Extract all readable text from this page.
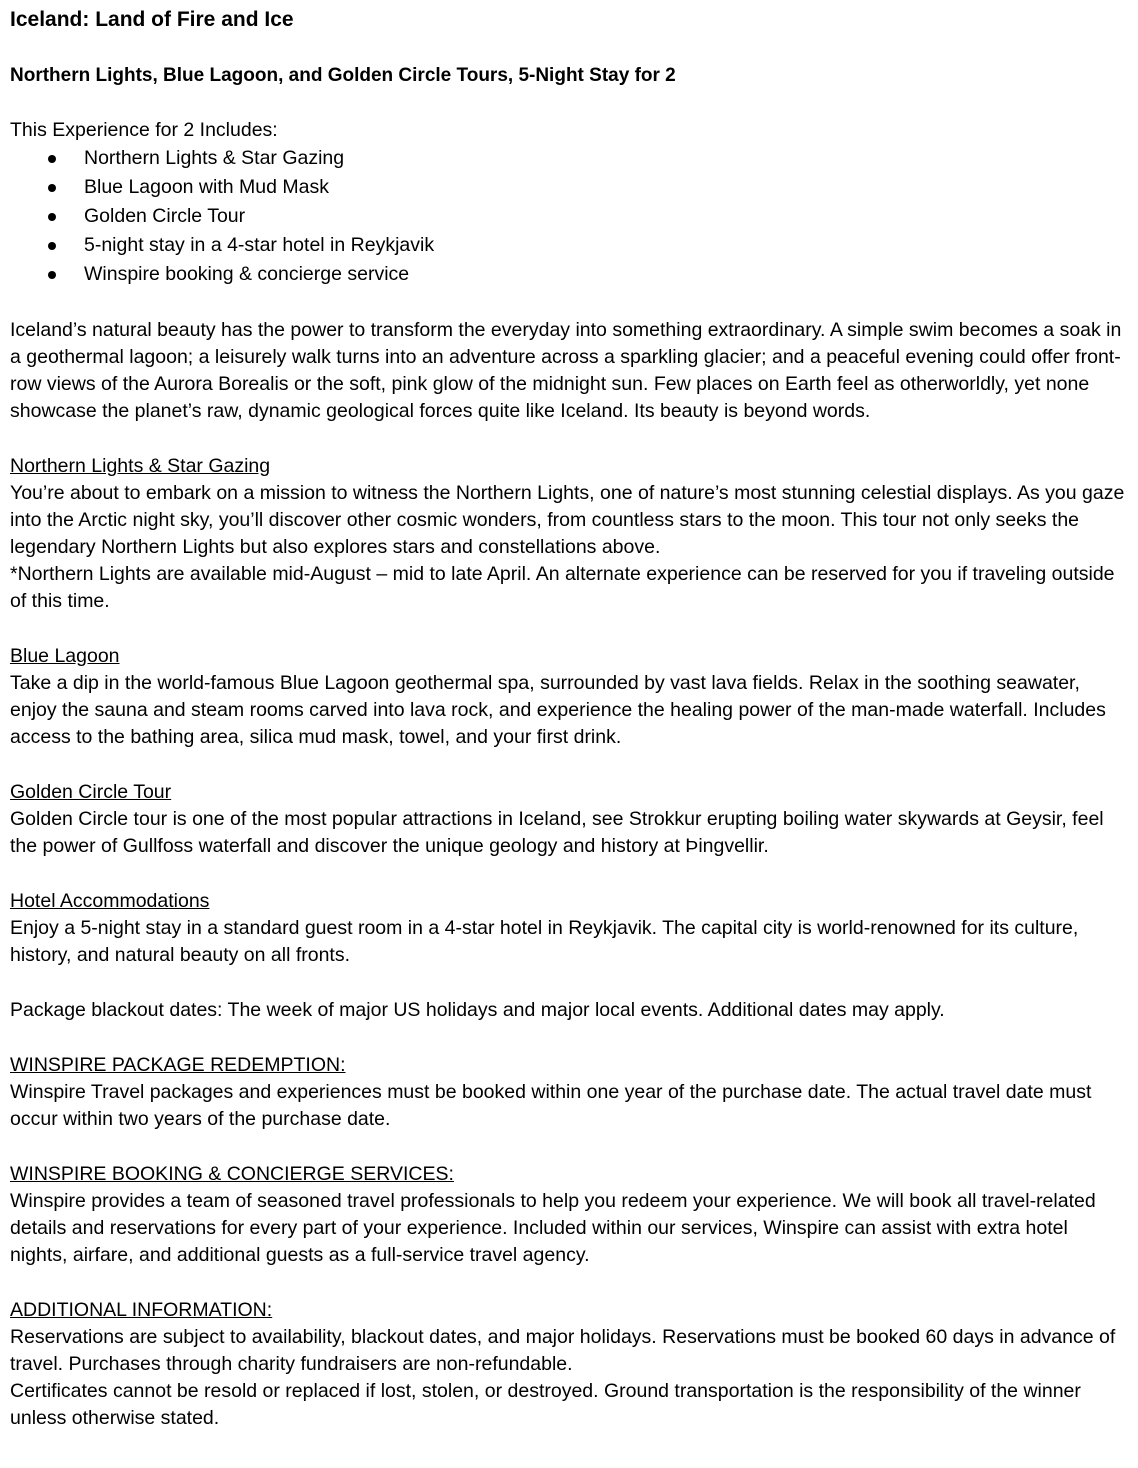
Iceland: Land of Fire and Ice
Northern Lights, Blue Lagoon, and Golden Circle Tours, 5-Night Stay for 2

This Experience for 2 Includes:

Northern Lights & Star Gazing
Blue Lagoon with Mud Mask
Golden Circle Tour
5-night stay in a 4-star hotel in Reykjavik
Winspire booking & concierge service

Iceland’s natural beauty has the power to transform the everyday into something extraordinary. A simple swim becomes a soak in a geothermal lagoon; a leisurely walk turns into an adventure across a sparkling glacier; and a peaceful evening could offer front-row views of the Aurora Borealis or the soft, pink glow of the midnight sun. Few places on Earth feel as otherworldly, yet none showcase the planet’s raw, dynamic geological forces quite like Iceland. Its beauty is beyond words.

Northern Lights & Star Gazing

You’re about to embark on a mission to witness the Northern Lights, one of nature’s most stunning celestial displays. As you gaze into the Arctic night sky, you’ll discover other cosmic wonders, from countless stars to the moon. This tour not only seeks the legendary Northern Lights but also explores stars and constellations above.

*Northern Lights are available mid-August – mid to late April. An alternate experience can be reserved for you if traveling outside of this time.

Blue Lagoon

Take a dip in the world-famous Blue Lagoon geothermal spa, surrounded by vast lava fields. Relax in the soothing seawater, enjoy the sauna and steam rooms carved into lava rock, and experience the healing power of the man-made waterfall. Includes access to the bathing area, silica mud mask, towel, and your first drink.

Golden Circle Tour

Golden Circle tour is one of the most popular attractions in Iceland, see Strokkur erupting boiling water skywards at Geysir, feel the power of Gullfoss waterfall and discover the unique geology and history at Þingvellir.

Hotel Accommodations

Enjoy a 5-night stay in a standard guest room in a 4-star hotel in Reykjavik. The capital city is world-renowned for its culture, history, and natural beauty on all fronts.

Package blackout dates: The week of major US holidays and major local events. Additional dates may apply.

WINSPIRE PACKAGE REDEMPTION:

Winspire Travel packages and experiences must be booked within one year of the purchase date. The actual travel date must occur within two years of the purchase date.

WINSPIRE BOOKING & CONCIERGE SERVICES:

Winspire provides a team of seasoned travel professionals to help you redeem your experience. We will book all travel-related details and reservations for every part of your experience. Included within our services, Winspire can assist with extra hotel nights, airfare, and additional guests as a full-service travel agency.

ADDITIONAL INFORMATION:

Reservations are subject to availability, blackout dates, and major holidays. Reservations must be booked 60 days in advance of travel. Purchases through charity fundraisers are non-refundable.

Certificates cannot be resold or replaced if lost, stolen, or destroyed. Ground transportation is the responsibility of the winner unless otherwise stated.
